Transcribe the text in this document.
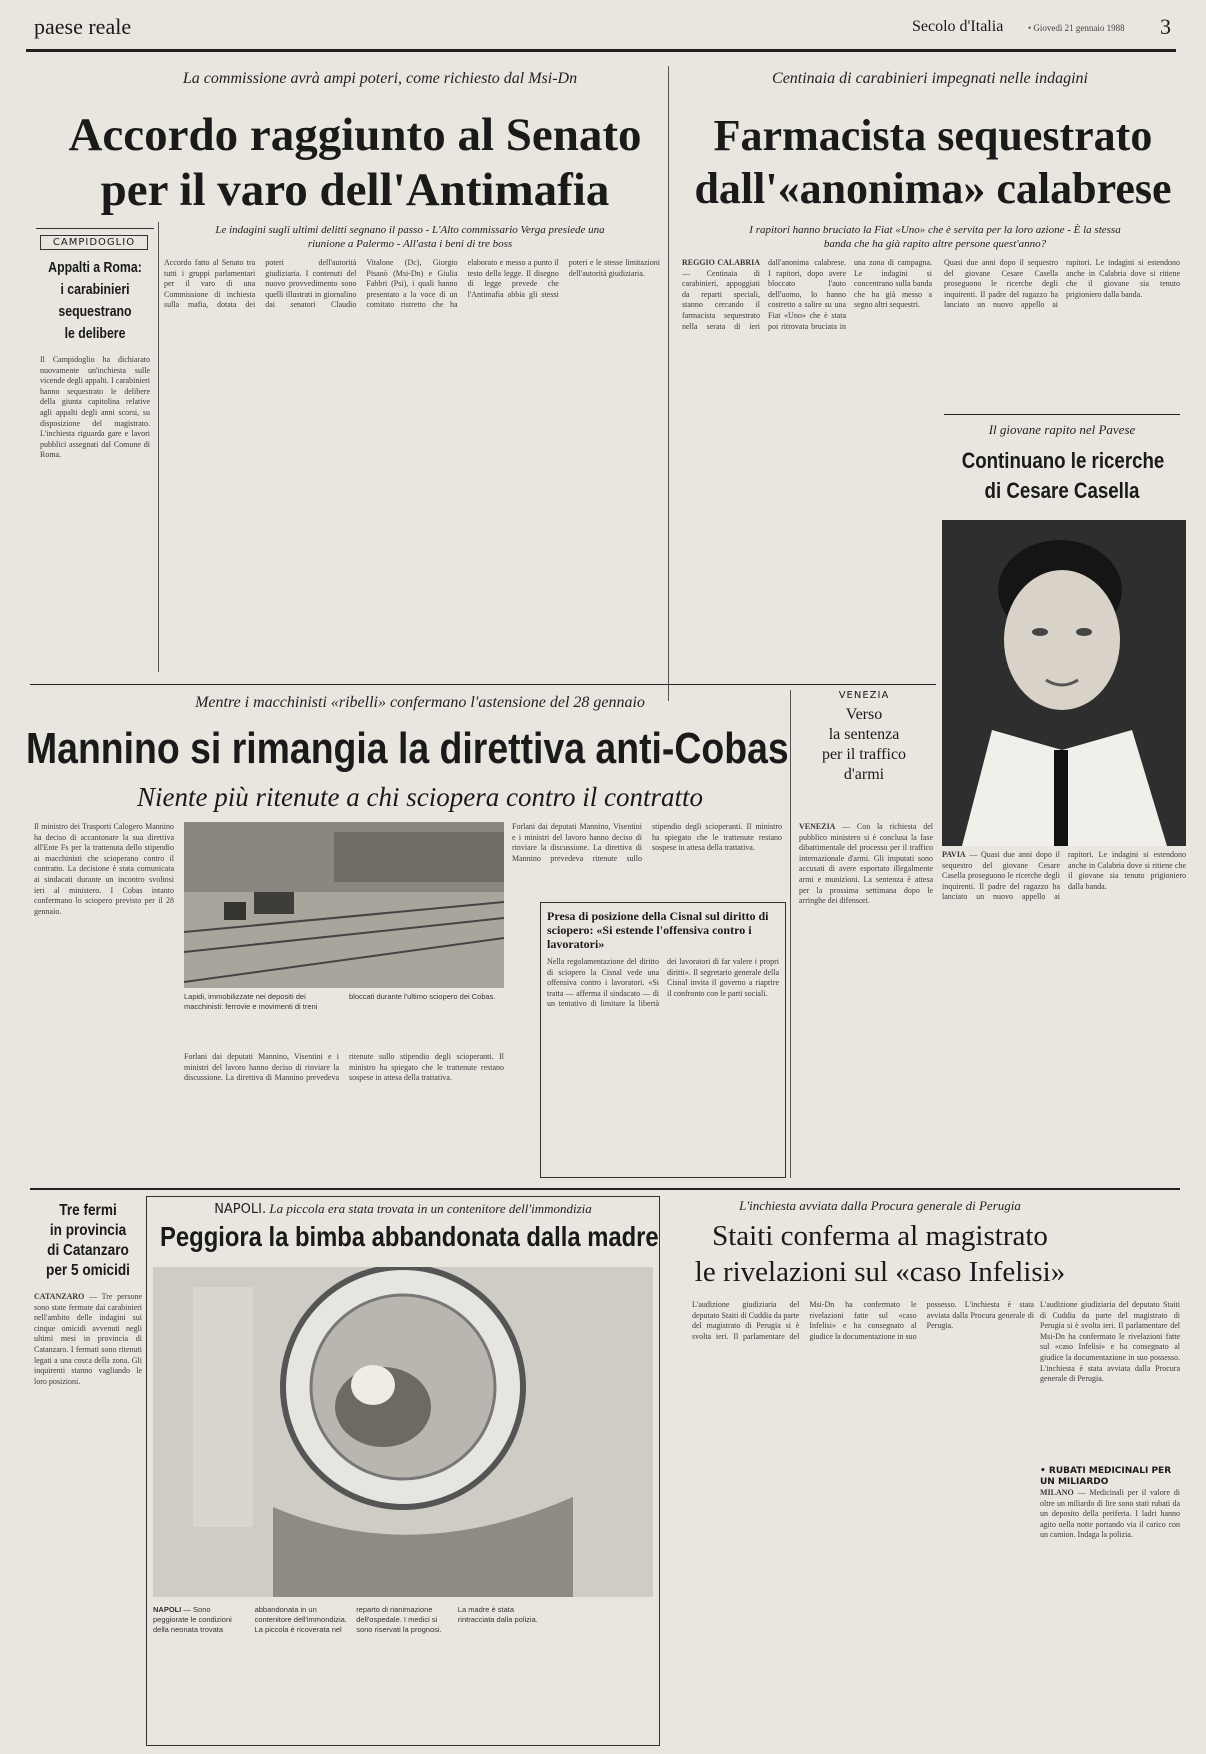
paese reale	Secolo d'Italia	• Giovedì 21 gennaio 1988 3
La commissione avrà ampi poteri, come richiesto dal Msi-Dn
Accordo raggiunto al Senato
per il varo dell'Antimafia
Centinaia di carabinieri impegnati nelle indagini
Farmacista sequestrato
dall'«anonima» calabrese
I rapitori hanno bruciato la Fiat «Uno» che è servita per la loro azione - È la stessa
banda che ha già rapito altre persone quest'anno?

REGGIO CALABRIA — Centinaia di carabinieri, appoggiati da reparti speciali, stanno cercando il farmacista sequestrato nella serata di ieri dall'anonima calabrese. I rapitori, dopo avere bloccato l'auto dell'uomo, lo hanno costretto a salire su una Fiat «Uno» che è stata poi ritrovata bruciata in una zona di campagna. Le indagini si concentrano sulla banda che ha già messo a segno altri sequestri.

Quasi due anni dopo il sequestro del giovane Cesare Casella proseguono le ricerche degli inquirenti. Il padre del ragazzo ha lanciato un nuovo appello ai rapitori. Le indagini si estendono anche in Calabria dove si ritiene che il giovane sia tenuto prigioniero dalla banda.

Il giovane rapito nel Pavese
Continuano le ricerche
di Cesare Casella

PAVIA — Quasi due anni dopo il sequestro del giovane Cesare Casella proseguono le ricerche degli inquirenti. Il padre del ragazzo ha lanciato un nuovo appello ai rapitori. Le indagini si estendono anche in Calabria dove si ritiene che il giovane sia tenuto prigioniero dalla banda.

CAMPIDOGLIO
Appalti a Roma:
i carabinieri
sequestrano
le delibere
Il Campidoglio ha dichiarato nuovamente un'inchiesta sulle vicende degli appalti. I carabinieri hanno sequestrato le delibere della giunta capitolina relative agli appalti degli anni scorsi, su disposizione del magistrato. L'inchiesta riguarda gare e lavori pubblici assegnati dal Comune di Roma.
Le indagini sugli ultimi delitti segnano il passo - L'Alto commissario Verga presiede una
riunione a Palermo - All'asta i beni di tre boss
Accordo fatto al Senato tra tutti i gruppi parlamentari per il varo di una Commissione di inchiesta sulla mafia, dotata dei poteri dell'autorità giudiziaria. I contenuti del nuovo provvedimento sono quelli illustrati in giornalino dai senatori Claudio Vitalone (Dc), Giorgio Pisanò (Msi-Dn) e Giulia Fabbri (Psi), i quali hanno presentato a la voce di un comitato ristretto che ha elaborato e messo a punto il testo della legge. Il disegno di legge prevede che l'Antimafia abbia gli stessi poteri e le stesse limitazioni dell'autorità giudiziaria.
Mentre i macchinisti «ribelli» confermano l'astensione del 28 gennaio
Mannino si rimangia la direttiva anti-Cobas
Niente più ritenute a chi sciopera contro il contratto
Il ministro dei Trasporti Calogero Mannino ha deciso di accantonare la sua direttiva all'Ente Fs per la trattenuta dello stipendio ai macchinisti che scioperano contro il contratto. La decisione è stata comunicata ai sindacati durante un incontro svoltosi ieri al ministero. I Cobas intanto confermano lo sciopero previsto per il 28 gennaio.
Lapidi, immobilizzate nei depositi dei macchinisti: ferrovie e movimenti di treni bloccati durante l'ultimo sciopero dei Cobas.
Forlani dai deputati Mannino, Visentini e i ministri del lavoro hanno deciso di rinviare la discussione. La direttiva di Mannino prevedeva ritenute sullo stipendio degli scioperanti. Il ministro ha spiegato che le trattenute restano sospese in attesa della trattativa.
Forlani dai deputati Mannino, Visentini e i ministri del lavoro hanno deciso di rinviare la discussione. La direttiva di Mannino prevedeva ritenute sullo stipendio degli scioperanti. Il ministro ha spiegato che le trattenute restano sospese in attesa della trattativa.
Presa di posizione della Cisnal sul diritto di sciopero: «Si estende l'offensiva contro i lavoratori»
Nella regolamentazione del diritto di sciopero la Cisnal vede una offensiva contro i lavoratori. «Si tratta — afferma il sindacato — di un tentativo di limitare la libertà dei lavoratori di far valere i propri diritti». Il segretario generale della Cisnal invita il governo a riaprire il confronto con le parti sociali.
VENEZIA
Verso
la sentenza
per il traffico
d'armi

VENEZIA — Con la richiesta del pubblico ministero si è conclusa la fase dibattimentale del processo per il traffico internazionale d'armi. Gli imputati sono accusati di avere esportato illegalmente armi e munizioni. La sentenza è attesa per la prossima settimana dopo le arringhe dei difensori.

Tre fermi
in provincia
di Catanzaro
per 5 omicidi

CATANZARO — Tre persone sono state fermate dai carabinieri nell'ambito delle indagini sui cinque omicidi avvenuti negli ultimi mesi in provincia di Catanzaro. I fermati sono ritenuti legati a una cosca della zona. Gli inquirenti stanno vagliando le loro posizioni.

NAPOLI. La piccola era stata trovata in un contenitore dell'immondizia
Peggiora la bimba abbandonata dalla madre

NAPOLI — Sono peggiorate le condizioni della neonata trovata abbandonata in un contenitore dell'immondizia. La piccola è ricoverata nel reparto di rianimazione dell'ospedale. I medici si sono riservati la prognosi. La madre è stata rintracciata dalla polizia.

L'inchiesta avviata dalla Procura generale di Perugia
Staiti conferma al magistrato
le rivelazioni sul «caso Infelisi»
L'audizione giudiziaria del deputato Staiti di Cuddia da parte del magistrato di Perugia si è svolta ieri. Il parlamentare del Msi-Dn ha confermato le rivelazioni fatte sul «caso Infelisi» e ha consegnato al giudice la documentazione in suo possesso. L'inchiesta è stata avviata dalla Procura generale di Perugia.
L'audizione giudiziaria del deputato Staiti di Cuddia da parte del magistrato di Perugia si è svolta ieri. Il parlamentare del Msi-Dn ha confermato le rivelazioni fatte sul «caso Infelisi» e ha consegnato al giudice la documentazione in suo possesso. L'inchiesta è stata avviata dalla Procura generale di Perugia.
• RUBATI MEDICINALI PER UN MILIARDO

MILANO — Medicinali per il valore di oltre un miliardo di lire sono stati rubati da un deposito della periferia. I ladri hanno agito nella notte portando via il carico con un camion. Indaga la polizia.
